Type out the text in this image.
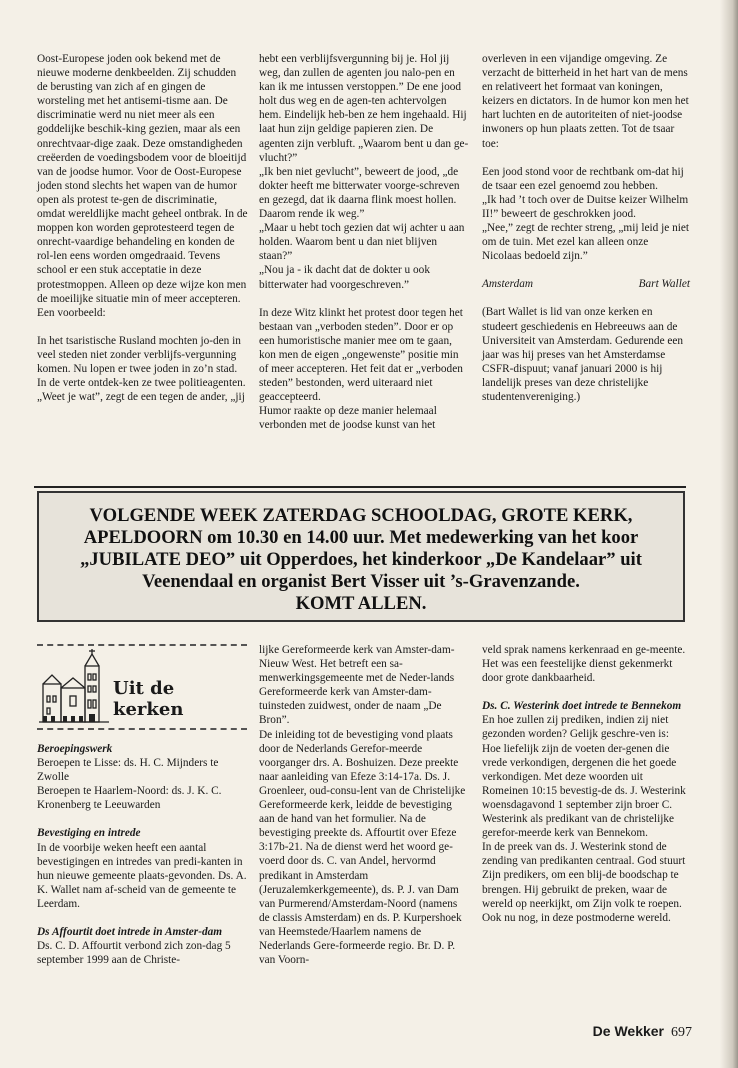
Oost-Europese joden ook bekend met de nieuwe moderne denkbeelden. Zij schudden de berusting van zich af en gingen de worsteling met het antisemi-tisme aan. De discriminatie werd nu niet meer als een goddelijke beschik-king gezien, maar als een onrechtvaar-dige zaak. Deze omstandigheden creëerden de voedingsbodem voor de bloeitijd van de joodse humor. Voor de Oost-Europese joden stond slechts het wapen van de humor open als protest te-gen de discriminatie, omdat wereldlijke macht geheel ontbrak. In de moppen kon worden geprotesteerd tegen de onrecht-vaardige behandeling en konden de rol-len eens worden omgedraaid. Tevens school er een stuk acceptatie in deze protestmoppen. Alleen op deze wijze kon men de moeilijke situatie min of meer accepteren. Een voorbeeld:

In het tsaristische Rusland mochten jo-den in veel steden niet zonder verblijfs-vergunning komen. Nu lopen er twee joden in zo’n stad. In de verte ontdek-ken ze twee politieagenten. „Weet je wat”, zegt de een tegen de ander, „jij

hebt een verblijfsvergunning bij je. Hol jij weg, dan zullen de agenten jou nalo-pen en kan ik me intussen verstoppen.” De ene jood holt dus weg en de agen-ten achtervolgen hem. Eindelijk heb-ben ze hem ingehaald. Hij laat hun zijn geldige papieren zien. De agenten zijn verbluft. „Waarom bent u dan ge-vlucht?”

„Ik ben niet gevlucht”, beweert de jood, „de dokter heeft me bitterwater voorge-schreven en gezegd, dat ik daarna flink moest hollen. Daarom rende ik weg.”

„Maar u hebt toch gezien dat wij achter u aan holden. Waarom bent u dan niet blijven staan?”

„Nou ja - ik dacht dat de dokter u ook bitterwater had voorgeschreven.”

In deze Witz klinkt het protest door tegen het bestaan van „verboden steden”. Door er op een humoristische manier mee om te gaan, kon men de eigen „ongewenste” positie min of meer accepteren. Het feit dat er „verboden steden” bestonden, werd uiteraard niet geaccepteerd.

Humor raakte op deze manier helemaal verbonden met de joodse kunst van het

overleven in een vijandige omgeving. Ze verzacht de bitterheid in het hart van de mens en relativeert het formaat van koningen, keizers en dictators. In de humor kon men het hart luchten en de autoriteiten of niet-joodse inwoners op hun plaats zetten. Tot de tsaar toe:

Een jood stond voor de rechtbank om-dat hij de tsaar een ezel genoemd zou hebben.

„Ik had ’t toch over de Duitse keizer Wilhelm II!” beweert de geschrokken jood.

„Nee,” zegt de rechter streng, „mij leid je niet om de tuin. Met ezel kan alleen onze Nicolaas bedoeld zijn.”

Amsterdam	Bart Wallet

(Bart Wallet is lid van onze kerken en studeert geschiedenis en Hebreeuws aan de Universiteit van Amsterdam. Gedurende een jaar was hij preses van het Amsterdamse CSFR-dispuut; vanaf januari 2000 is hij landelijk preses van deze christelijke studentenvereniging.)

VOLGENDE WEEK ZATERDAG SCHOOLDAG, GROTE KERK,
APELDOORN om 10.30 en 14.00 uur. Met medewerking van het koor
„JUBILATE DEO” uit Opperdoes, het kinderkoor „De Kandelaar” uit
Veenendaal en organist Bert Visser uit ’s-Gravenzande.
KOMT ALLEN.
Uit de kerken

Beroepingswerk

Beroepen te Lisse: ds. H. C. Mijnders te Zwolle

Beroepen te Haarlem-Noord: ds. J. K. C. Kronenberg te Leeuwarden

Bevestiging en intrede

In de voorbije weken heeft een aantal bevestigingen en intredes van predi-kanten in hun nieuwe gemeente plaats-gevonden. Ds. A. K. Wallet nam af-scheid van de gemeente te Leerdam.

Ds Affourtit doet intrede in Amster-dam

Ds. C. D. Affourtit verbond zich zon-dag 5 september 1999 aan de Christe-

lijke Gereformeerde kerk van Amster-dam-Nieuw West. Het betreft een sa-menwerkingsgemeente met de Neder-lands Gereformeerde kerk van Amster-dam-tuinsteden zuidwest, onder de naam „De Bron”.

De inleiding tot de bevestiging vond plaats door de Nederlands Gerefor-meerde voorganger drs. A. Boshuizen. Deze preekte naar aanleiding van Efeze 3:14-17a. Ds. J. Groenleer, oud-consu-lent van de Christelijke Gereformeerde kerk, leidde de bevestiging aan de hand van het formulier. Na de bevestiging preekte ds. Affourtit over Efeze 3:17b-21. Na de dienst werd het woord ge-voerd door ds. C. van Andel, hervormd predikant in Amsterdam (Jeruzalemkerkgemeente), ds. P. J. van Dam van Purmerend/Amsterdam-Noord (namens de classis Amsterdam) en ds. P. Kurpershoek van Heemstede/Haarlem namens de Nederlands Gere-formeerde regio. Br. D. P. van Voorn-

veld sprak namens kerkenraad en ge-meente.

Het was een feestelijke dienst gekenmerkt door grote dankbaarheid.

Ds. C. Westerink doet intrede te Bennekom

En hoe zullen zij prediken, indien zij niet gezonden worden? Gelijk geschre-ven is: Hoe liefelijk zijn de voeten der-genen die vrede verkondigen, dergenen die het goede verkondigen. Met deze woorden uit Romeinen 10:15 bevestig-de ds. J. Westerink woensdagavond 1 september zijn broer C. Westerink als predikant van de christelijke gerefor-meerde kerk van Bennekom.

In de preek van ds. J. Westerink stond de zending van predikanten centraal. God stuurt Zijn predikers, om een blij-de boodschap te brengen. Hij gebruikt de preken, waar de wereld op neerkijkt, om Zijn volk te roepen. Ook nu nog, in deze postmoderne wereld.

De Wekker 697
